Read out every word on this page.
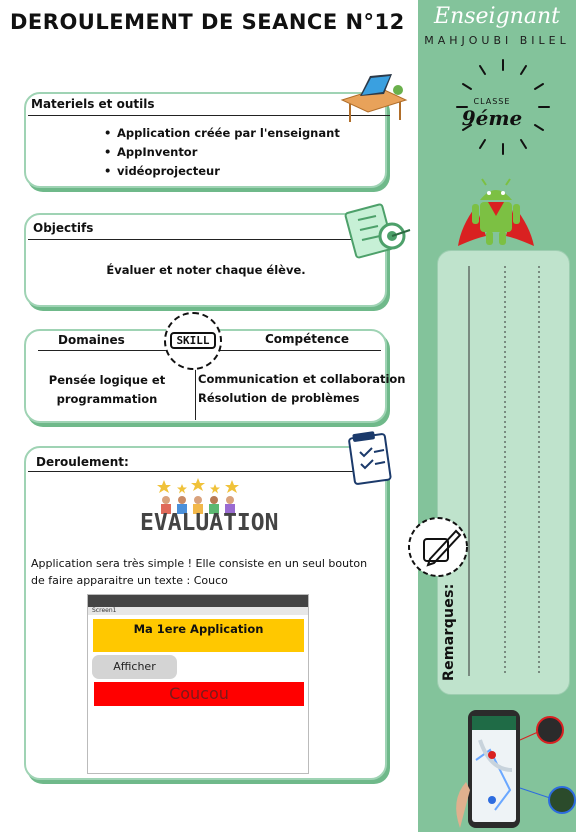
DEROULEMENT DE SEANCE N°12	Enseignant
MAHJOUBI BILEL
CLASSE
9éme
Remarques:
Materiels et outils
• Application créée par l'enseignant
• AppInventor
• vidéoprojecteur
Objectifs
Évaluer et noter chaque élève.
Domaines	Compétence
SKILL
Pensée logique et
programmation
Communication et collaboration
Résolution de problèmes
Deroulement:
EVALUATION
Application sera très simple ! Elle consiste en un seul bouton
de faire apparaitre un texte : Couco
Screen1
Ma 1ere Application
Afficher
Coucou
